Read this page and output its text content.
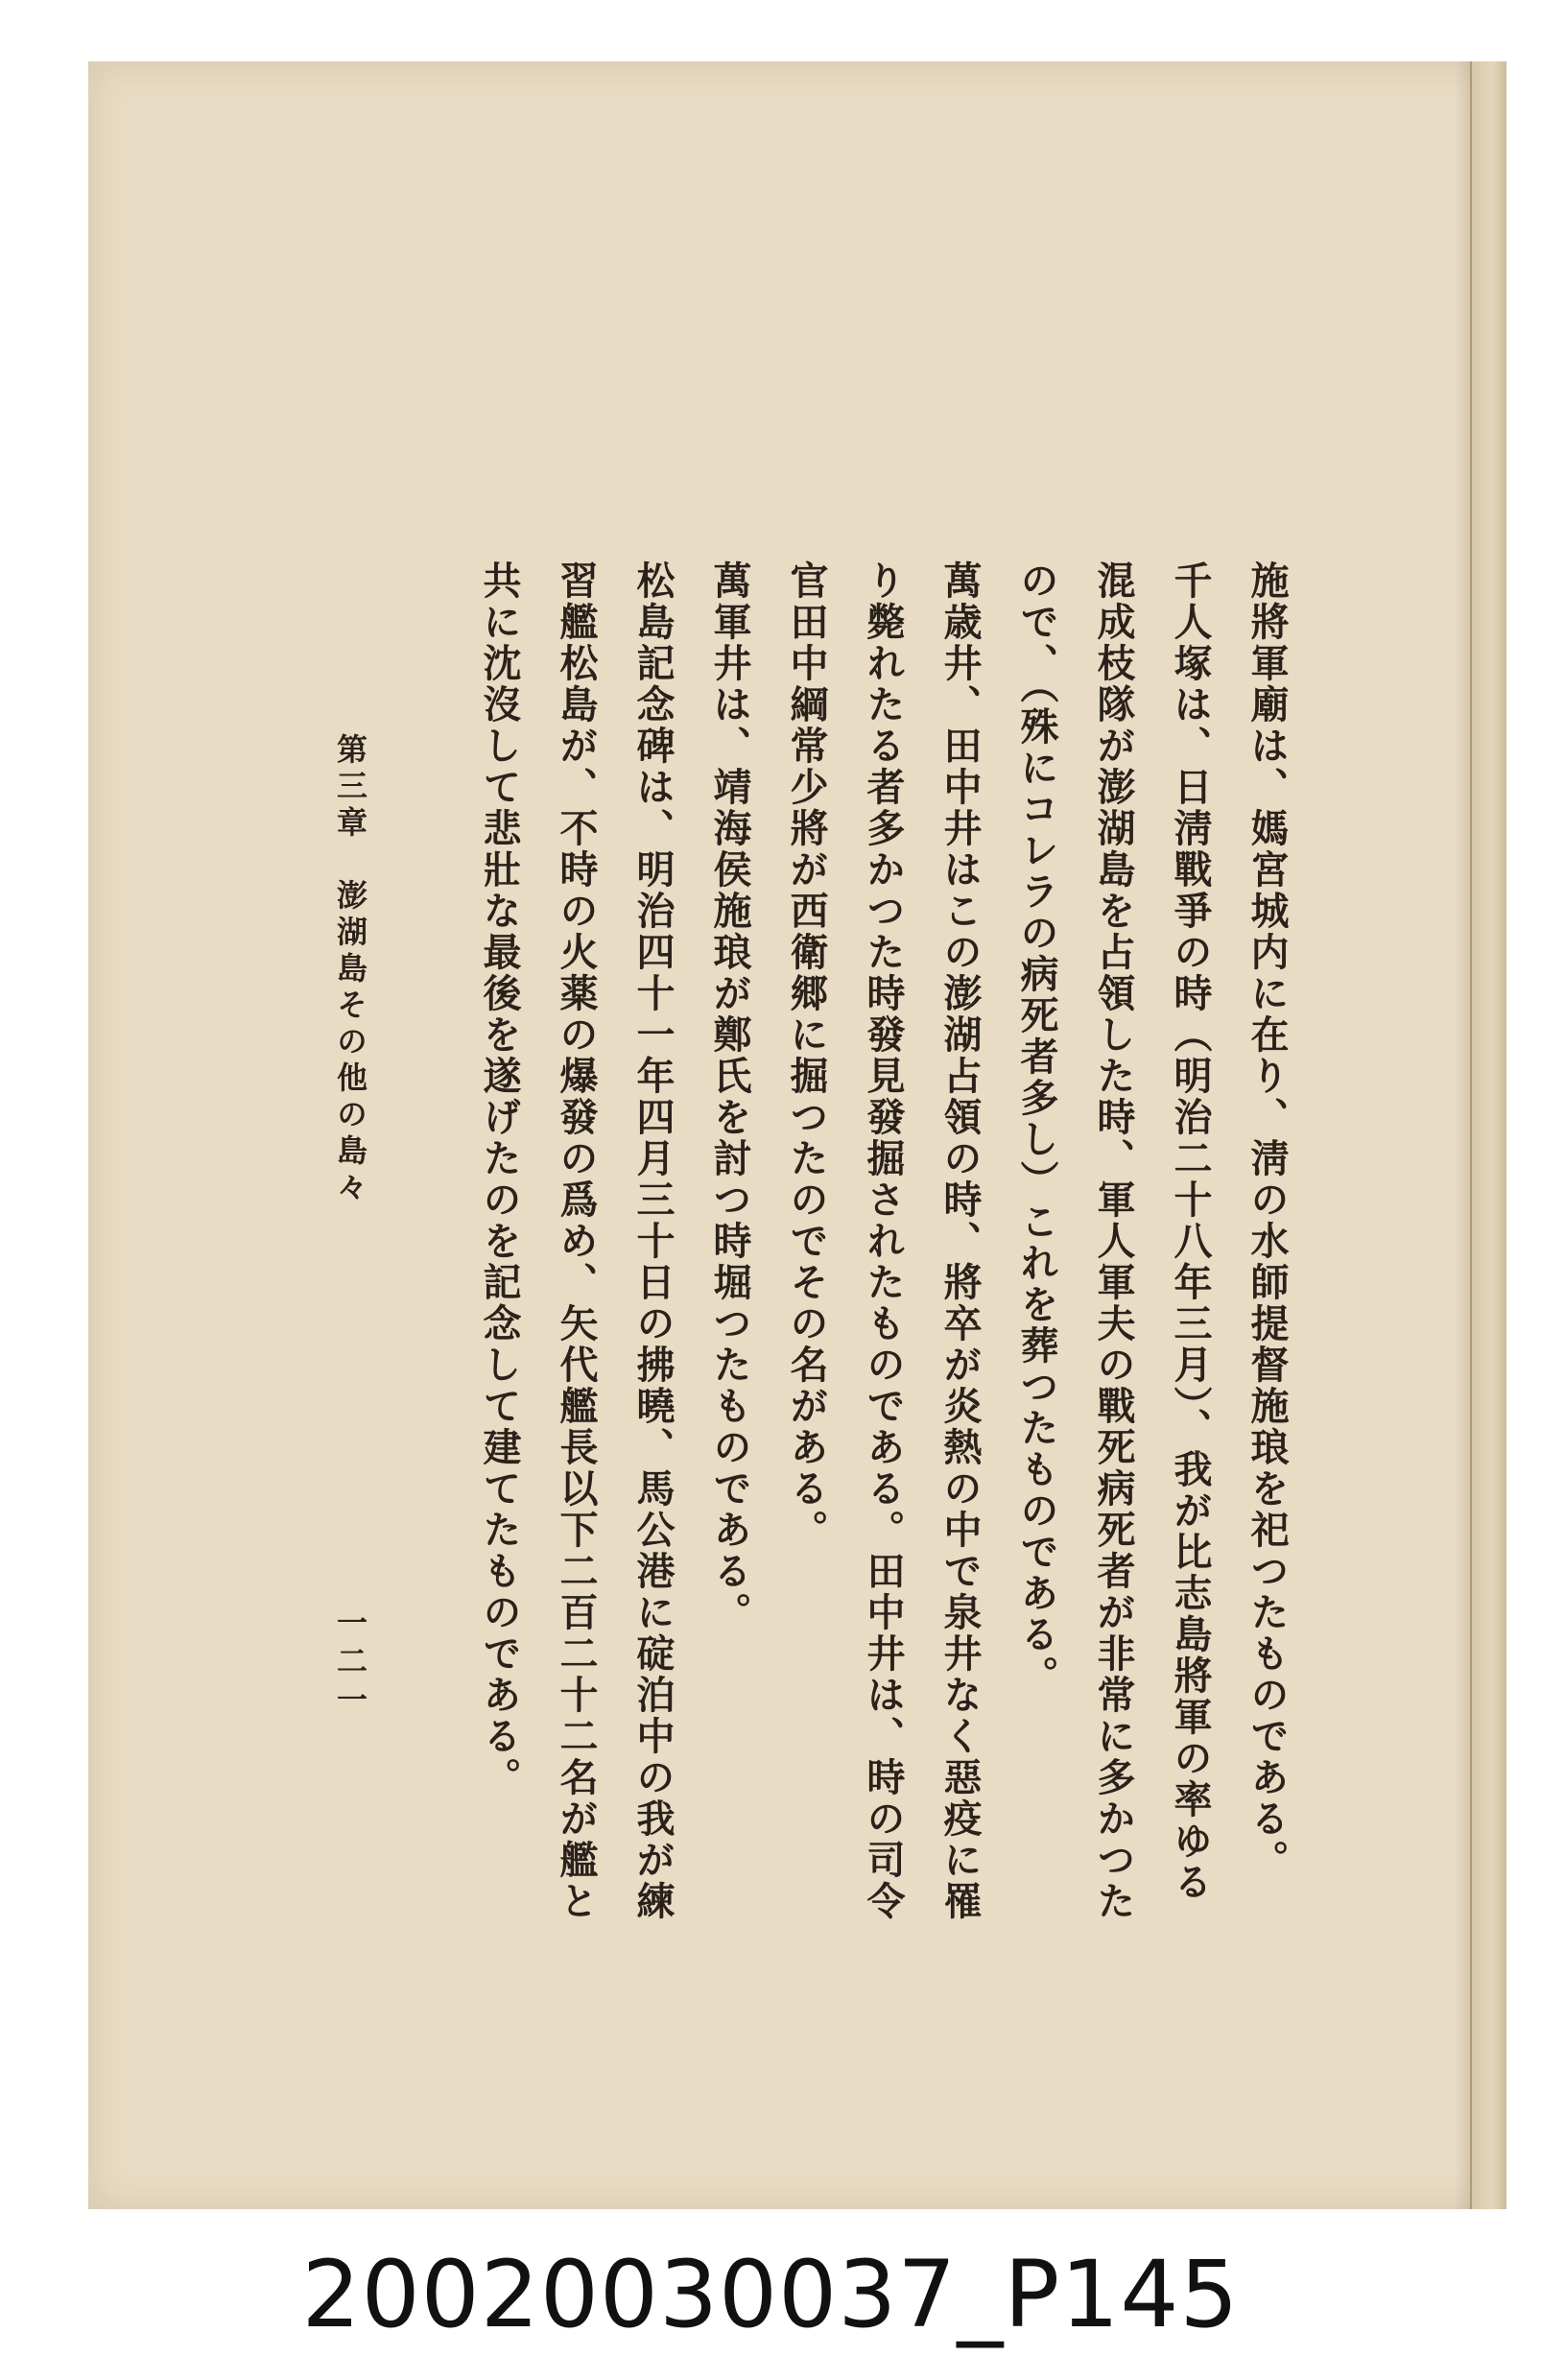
施將軍廟は、媽宮城内に在り、淸の水師提督施琅を祀つたものである。

千人塚は、日淸戰爭の時（明治二十八年三月）、我が比志島將軍の率ゆる混成枝隊が澎湖島を占領した時、軍人軍夫の戰死病死者が非常に多かつたので、（殊にコレラの病死者多し）これを葬つたものである。

萬歳井、田中井はこの澎湖占領の時、將卒が炎熱の中で泉井なく惡疫に罹り斃れたる者多かつた時發見發掘されたものである。田中井は、時の司令官田中綱常少將が西衛郷に掘つたのでその名がある。

萬軍井は、靖海侯施琅が鄭氏を討つ時堀つたものである。

松島記念碑は、明治四十一年四月三十日の拂曉、馬公港に碇泊中の我が練習艦松島が、不時の火薬の爆發の爲め、矢代艦長以下二百二十二名が艦と共に沈沒して悲壯な最後を遂げたのを記念して建てたものである。

第三章　澎湖島その他の島々
一二一
20020030037_P145
